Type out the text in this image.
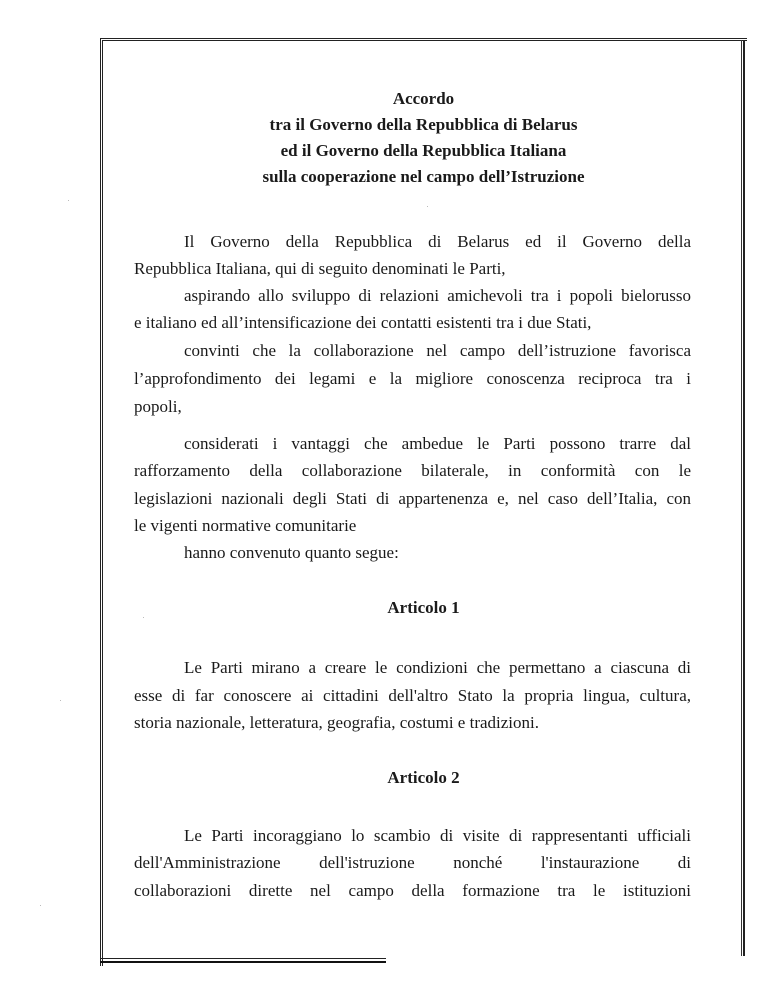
Accordo
tra il Governo della Repubblica di Belarus
ed il Governo della Repubblica Italiana
sulla cooperazione nel campo dell’Istruzione
Il Governo della Repubblica di Belarus ed il Governo della
Repubblica Italiana, qui di seguito denominati le Parti,
aspirando allo sviluppo di relazioni amichevoli tra i popoli bielorusso
e italiano ed all’intensificazione dei contatti esistenti tra i due Stati,
convinti che la collaborazione nel campo dell’istruzione favorisca
l’approfondimento dei legami e la migliore conoscenza reciproca tra i
popoli,
considerati i vantaggi che ambedue le Parti possono trarre dal
rafforzamento della collaborazione bilaterale, in conformità con le
legislazioni nazionali degli Stati di appartenenza e, nel caso dell’Italia, con
le vigenti normative comunitarie
hanno convenuto quanto segue:
Articolo 1
Le Parti mirano a creare le condizioni che permettano a ciascuna di
esse di far conoscere ai cittadini dell'altro Stato la propria lingua, cultura,
storia nazionale, letteratura, geografia, costumi e tradizioni.
Articolo 2
Le Parti incoraggiano lo scambio di visite di rappresentanti ufficiali
dell'Amministrazione dell'istruzione nonché l'instaurazione di
collaborazioni dirette nel campo della formazione tra le istituzioni
